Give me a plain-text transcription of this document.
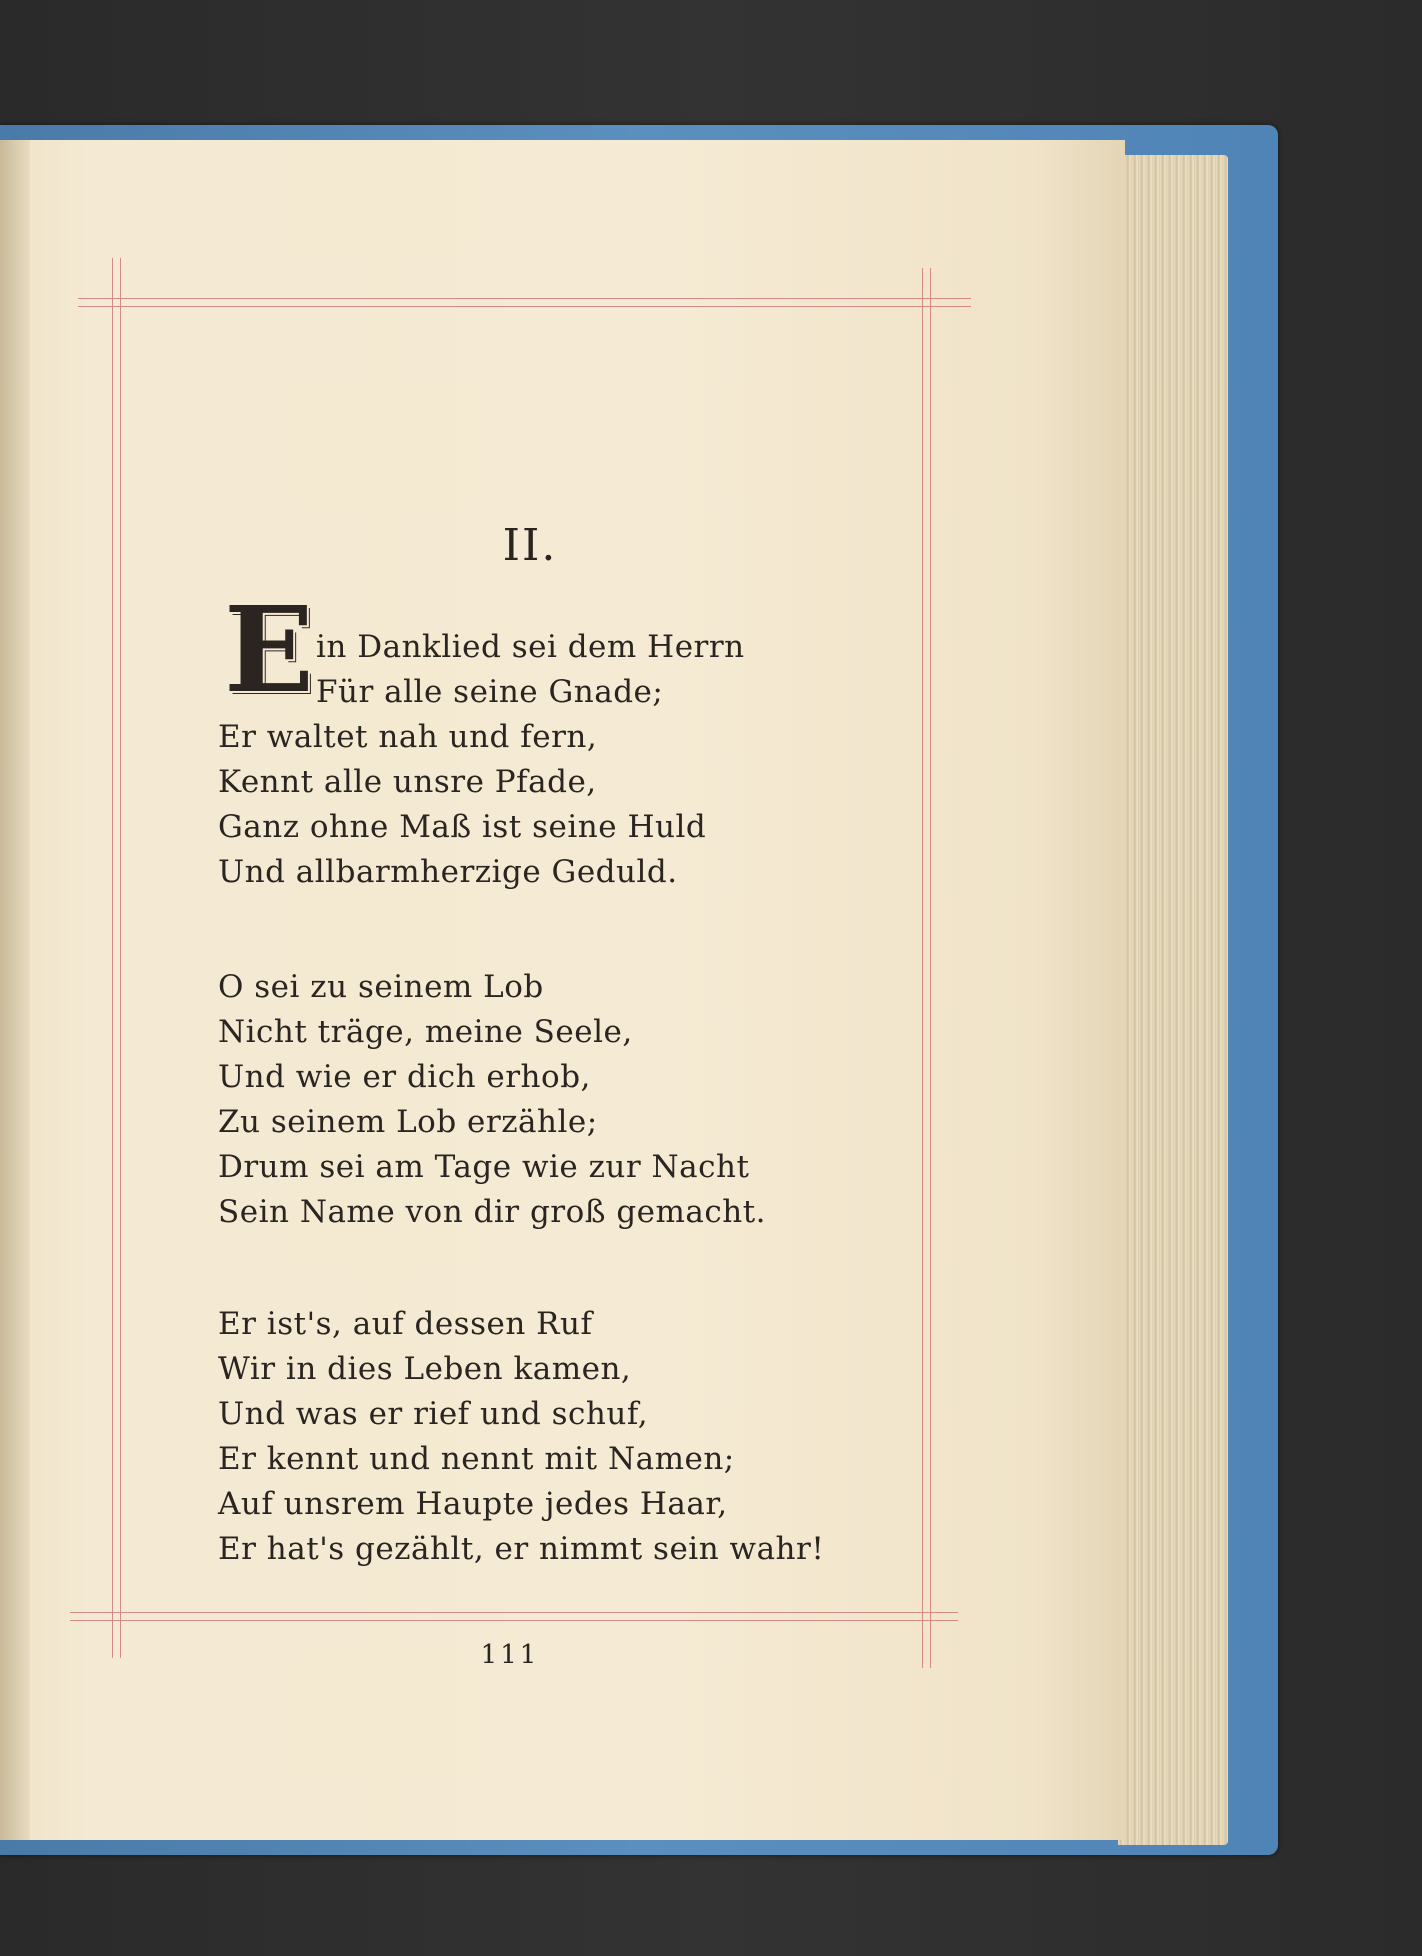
II.
E in Danklied sei dem Herrn
Für alle seine Gnade;
Er waltet nah und fern,
Kennt alle unsre Pfade,
Ganz ohne Maß ist seine Huld
Und allbarmherzige Geduld.
O sei zu seinem Lob
Nicht träge, meine Seele,
Und wie er dich erhob,
Zu seinem Lob erzähle;
Drum sei am Tage wie zur Nacht
Sein Name von dir groß gemacht.
Er ist's, auf dessen Ruf
Wir in dies Leben kamen,
Und was er rief und schuf,
Er kennt und nennt mit Namen;
Auf unsrem Haupte jedes Haar,
Er hat's gezählt, er nimmt sein wahr!
111
